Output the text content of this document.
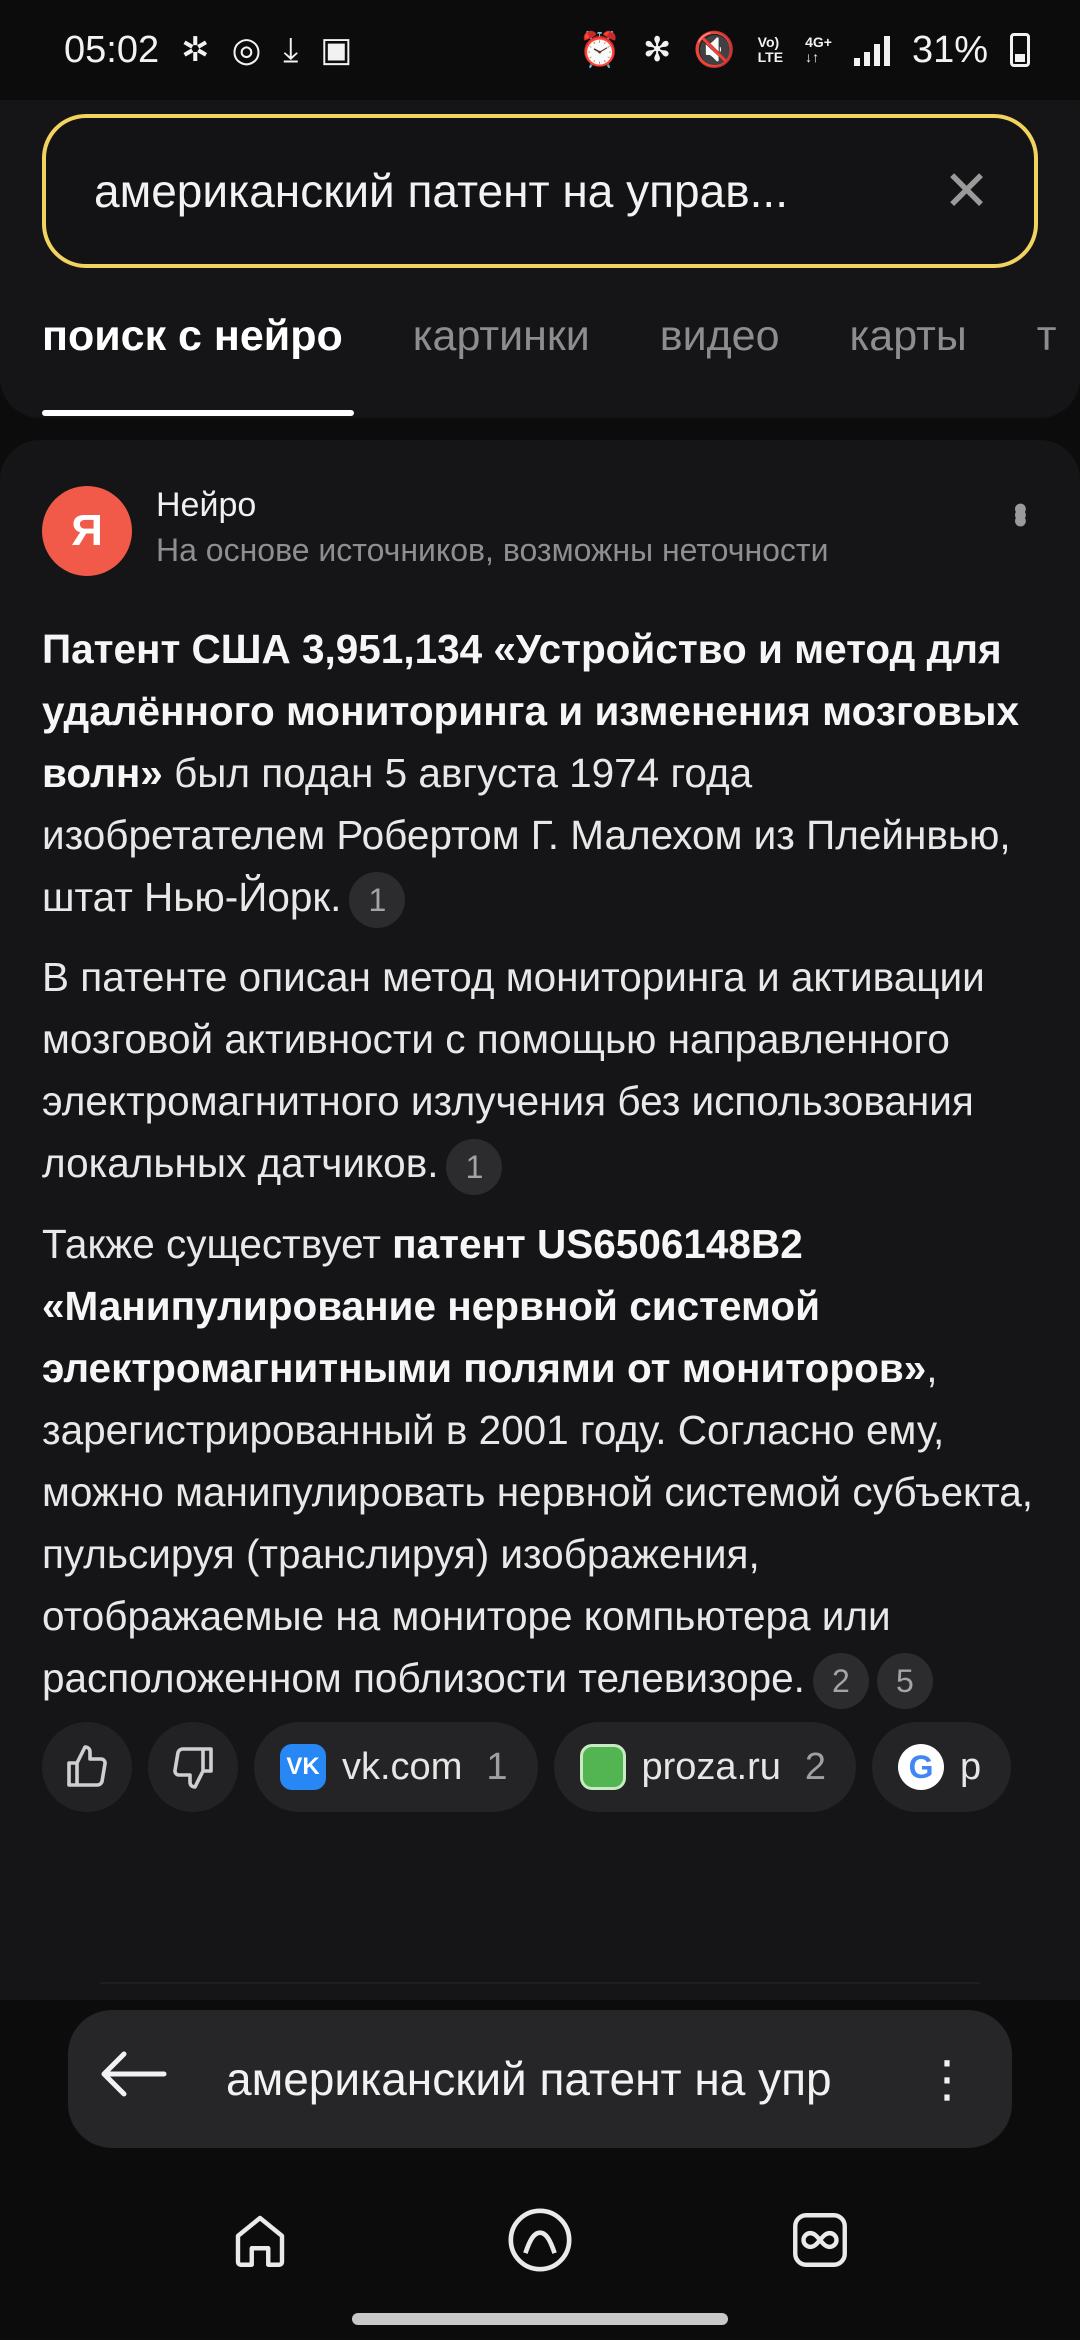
05:02 ✲ ◎ ⤓ ▣	⏰ ✻ 🔇 Vo)
LTE
4G+
↓↑	31%
американский патент на управ...	✕
поиск с нейро картинки видео карты т
Я
Нейро
На основе источников, возможны неточности
•••

Патент США 3,951,134 «Устройство и метод для удалённого мониторинга и изменения мозговых волн» был подан 5 августа 1974 года изобретателем Робертом Г. Малехом из Плейнвью, штат Нью-Йорк. 1

В патенте описан метод мониторинга и активации мозговой активности с помощью направленного электромагнитного излучения без использования локальных датчиков. 1

Также существует патент US6506148B2 «Манипулирование нервной системой электромагнитными полями от мониторов», зарегистрированный в 2001 году. Согласно ему, можно манипулировать нервной системой субъекта, пульсируя (транслируя) изображения, отображаемые на мониторе компьютера или расположенном поблизости телевизоре. 2 5

VK vk.com 1	proza.ru 2	G p
американский патент на упр	⋮
